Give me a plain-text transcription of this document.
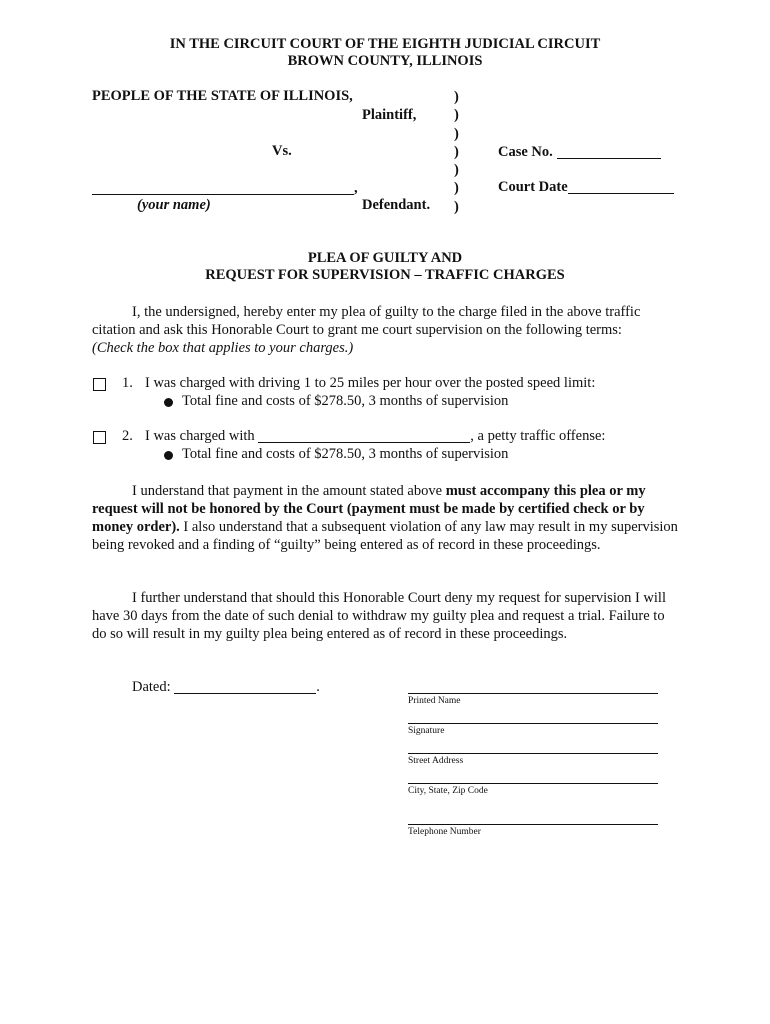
IN THE CIRCUIT COURT OF THE EIGHTH JUDICIAL CIRCUIT
BROWN COUNTY, ILLINOIS
PEOPLE OF THE STATE OF ILLINOIS,
Plaintiff,
Vs.
,
(your name)	Defendant.
)
)
)
)
)
)
)
Case No.
Court Date
PLEA OF GUILTY AND
REQUEST FOR SUPERVISION – TRAFFIC CHARGES

I, the undersigned, hereby enter my plea of guilty to the charge filed in the above traffic citation and ask this Honorable Court to grant me court supervision on the following terms:

(Check the box that applies to your charges.)

1. I was charged with driving 1 to 25 miles per hour over the posted speed limit:
Total fine and costs of $278.50, 3 months of supervision
2. I was charged with	, a petty traffic offense:
Total fine and costs of $278.50, 3 months of supervision

I understand that payment in the amount stated above must accompany this plea or my request will not be honored by the Court (payment must be made by certified check or by money order). I also understand that a subsequent violation of any law may result in my supervision being revoked and a finding of “guilty” being entered as of record in these proceedings.

I further understand that should this Honorable Court deny my request for supervision I will have 30 days from the date of such denial to withdraw my guilty plea and request a trial. Failure to do so will result in my guilty plea being entered as of record in these proceedings.

Dated:	.
Printed Name
Signature
Street Address
City, State, Zip Code
Telephone Number
